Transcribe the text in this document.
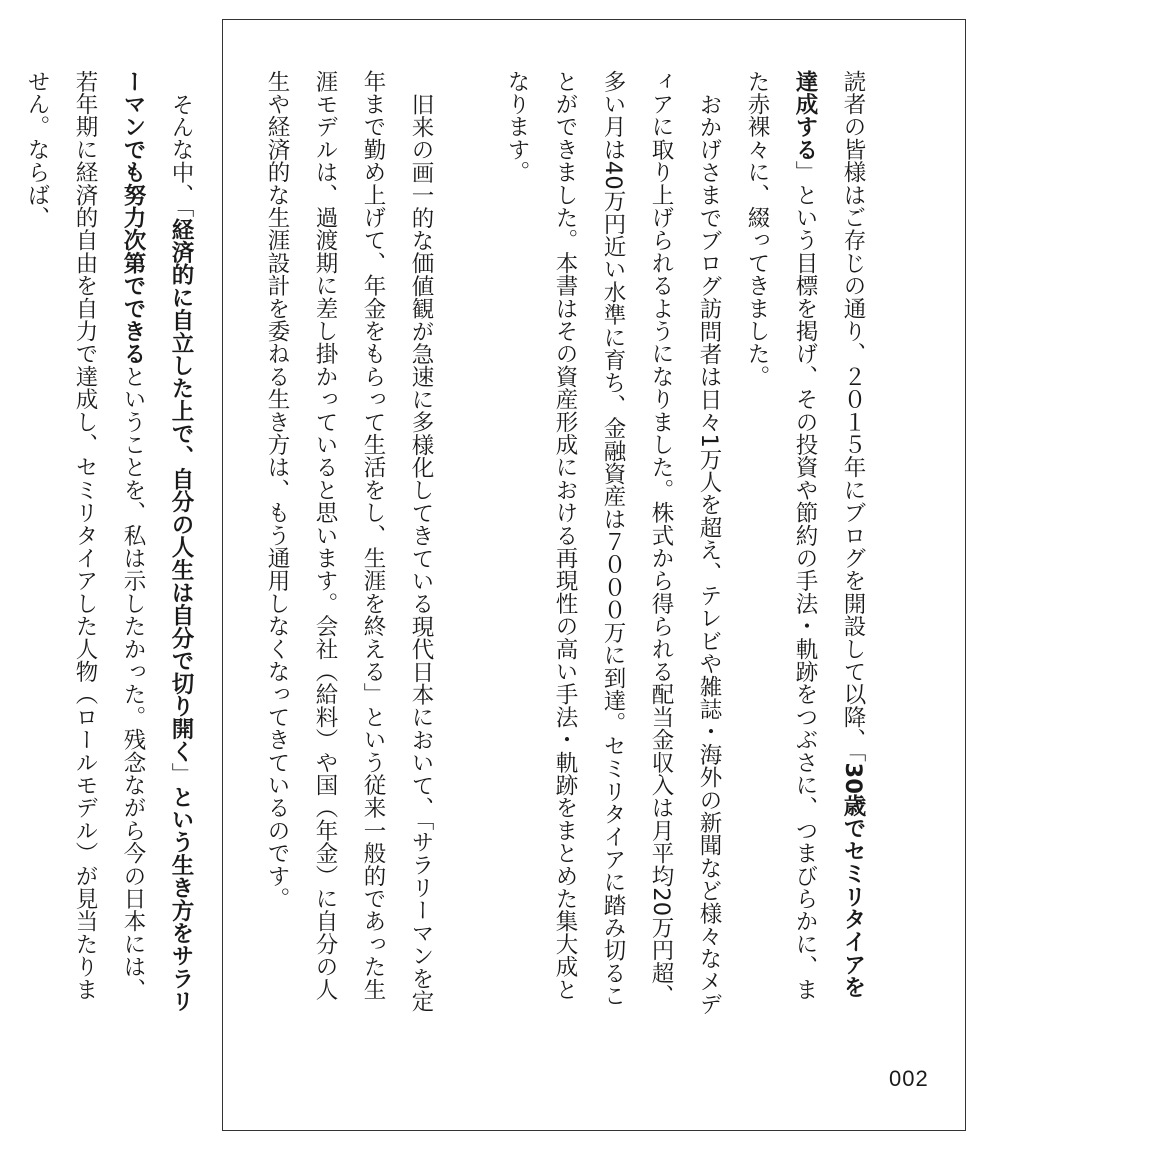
読者の皆様はご存じの通り、２０１５年にブログを開設して以降、「30歳でセミリタイアを達成する」という目標を掲げ、その投資や節約の手法・軌跡をつぶさに、つまびらかに、また赤裸々に、綴ってきました。

おかげさまでブログ訪問者は日々1万人を超え、テレビや雑誌・海外の新聞など様々なメディアに取り上げられるようになりました。株式から得られる配当金収入は月平均20万円超、多い月は40万円近い水準に育ち、金融資産は７０００万に到達。セミリタイアに踏み切ることができました。本書はその資産形成における再現性の高い手法・軌跡をまとめた集大成となります。

旧来の画一的な価値観が急速に多様化してきている現代日本において、「サラリーマンを定年まで勤め上げて、年金をもらって生活をし、生涯を終える」という従来一般的であった生涯モデルは、過渡期に差し掛かっていると思います。会社（給料）や国（年金）に自分の人生や経済的な生涯設計を委ねる生き方は、もう通用しなくなってきているのです。

そんな中、「経済的に自立した上で、自分の人生は自分で切り開く」という生き方をサラリーマンでも努力次第でできるということを、私は示したかった。残念ながら今の日本には、若年期に経済的自由を自力で達成し、セミリタイアした人物（ロールモデル）が見当たりません。ならば、

002
